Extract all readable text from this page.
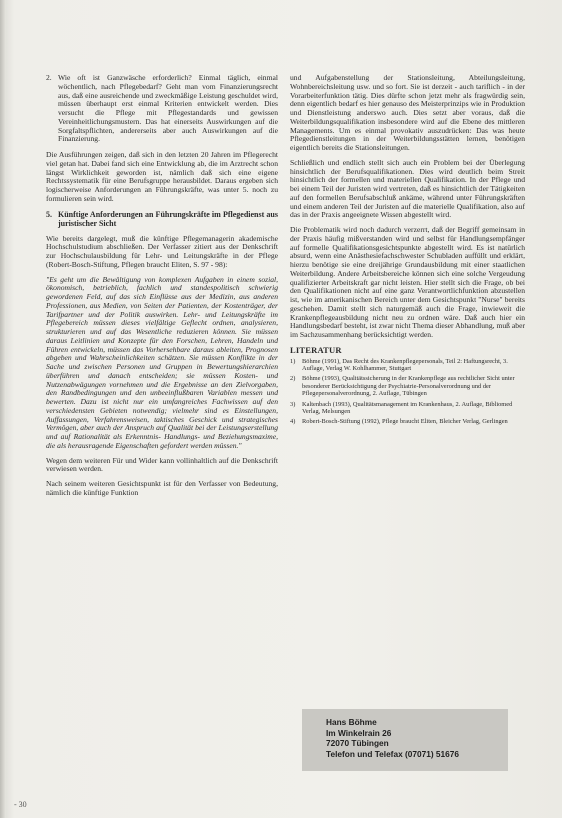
2. Wie oft ist Ganzwäsche erforderlich? Einmal täglich, einmal wöchentlich, nach Pflegebedarf? Geht man vom Finanzierungsrecht aus, daß eine ausreichende und zweckmäßige Leistung geschuldet wird, müssen überhaupt erst einmal Kriterien entwickelt werden. Dies versucht die Pflege mit Pflegestandards und gewissen Vereinheitlichungsmustern. Das hat einerseits Auswirkungen auf die Sorgfaltspflichten, andererseits aber auch Auswirkungen auf die Finanzierung.

Die Ausführungen zeigen, daß sich in den letzten 20 Jahren im Pflegerecht viel getan hat. Dabei fand sich eine Entwicklung ab, die im Arztrecht schon längst Wirklichkeit geworden ist, nämlich daß sich eine eigene Rechtssystematik für eine Berufsgruppe herausbildet. Daraus ergeben sich logischerweise Anforderungen an Führungskräfte, was unter 5. noch zu formulieren sein wird.

5. Künftige Anforderungen an Führungskräfte im Pflegedienst aus juristischer Sicht

Wie bereits dargelegt, muß die künftige Pflegemanagerin akademische Hochschulstudium abschließen. Der Verfasser zitiert aus der Denkschrift zur Hochschulausbildung für Lehr- und Leitungskräfte in der Pflege (Robert-Bosch-Stiftung, Pflegen braucht Eliten, S. 97 - 98):

"Es geht um die Bewältigung von komplexen Aufgaben in einem sozial, ökonomisch, betrieblich, fachlich und standespolitisch schwierig gewordenen Feld, auf das sich Einflüsse aus der Medizin, aus anderen Professionen, aus Medien, von Seiten der Patienten, der Kostenträger, der Tarifpartner und der Politik auswirken. Lehr- und Leitungskräfte im Pflegebereich müssen dieses vielfältige Geflecht ordnen, analysieren, strukturieren und auf das Wesentliche reduzieren können. Sie müssen daraus Leitlinien und Konzepte für den Forschen, Lehren, Handeln und Führen entwickeln, müssen das Vorhersehbare daraus ableiten, Prognosen abgeben und Wahrscheinlichkeiten schätzen. Sie müssen Konflikte in der Sache und zwischen Personen und Gruppen in Bewertungshierarchien überführen und danach entscheiden; sie müssen Kosten- und Nutzenabwägungen vornehmen und die Ergebnisse an den Zielvorgaben, den Randbedingungen und den unbeeinflußbaren Variablen messen und bewerten. Dazu ist nicht nur ein umfangreiches Fachwissen auf den verschiedensten Gebieten notwendig; vielmehr sind es Einstellungen, Auffassungen, Verfahrensweisen, taktisches Geschick und strategisches Vermögen, aber auch der Anspruch auf Qualität bei der Leistungserstellung und auf Rationalität als Erkenntnis- Handlungs- und Beziehungsmaxime, die als herausragende Eigenschaften gefordert werden müssen."

Wegen dem weiteren Für und Wider kann vollinhaltlich auf die Denkschrift verwiesen werden.

Nach seinem weiteren Gesichtspunkt ist für den Verfasser von Bedeutung, nämlich die künftige Funktion

und Aufgabenstellung der Stationsleitung, Abteilungsleitung, Wohnbereichsleitung usw. und so fort. Sie ist derzeit - auch tariflich - in der Vorarbeiterfunktion tätig. Dies dürfte schon jetzt mehr als fragwürdig sein, denn eigentlich bedarf es hier genauso des Meisterprinzips wie in Produktion und Dienstleistung anderswo auch. Dies setzt aber voraus, daß die Weiterbildungsqualifikation insbesondere wird auf die Ebene des mittleren Managements. Um es einmal provokativ auszudrücken: Das was heute Pflegedienstleitungen in der Weiterbildungsstätten lernen, benötigen eigentlich bereits die Stationsleitungen.

Schließlich und endlich stellt sich auch ein Problem bei der Überlegung hinsichtlich der Berufsqualifikationen. Dies wird deutlich beim Streit hinsichtlich der formellen und materiellen Qualifikation. In der Pflege und bei einem Teil der Juristen wird vertreten, daß es hinsichtlich der Tätigkeiten auf den formellen Berufsabschluß ankäme, während unter Führungskräften und einem anderen Teil der Juristen auf die materielle Qualifikation, also auf das in der Praxis angeeignete Wissen abgestellt wird.

Die Problematik wird noch dadurch verzerrt, daß der Begriff gemeinsam in der Praxis häufig mißverstanden wird und selbst für Handlungsempfänger auf formelle Qualifikationsgesichtspunkte abgestellt wird. Es ist natürlich absurd, wenn eine Anästhesiefachschwester Schubladen auffüllt und erklärt, hierzu benötige sie eine dreijährige Grundausbildung mit einer staatlichen Weiterbildung. Andere Arbeitsbereiche können sich eine solche Vergeudung qualifizierter Arbeitskraft gar nicht leisten. Hier stellt sich die Frage, ob bei den Qualifikationen nicht auf eine ganz Verantwortlichfunktion abzustellen ist, wie im amerikanischen Bereich unter dem Gesichtspunkt "Nurse" bereits geschehen. Damit stellt sich naturgemäß auch die Frage, inwieweit die Krankenpflegeausbildung nicht neu zu ordnen wäre. Daß auch hier ein Handlungsbedarf besteht, ist zwar nicht Thema dieser Abhandlung, muß aber im Sachzusammenhang berücksichtigt werden.

LITERATUR
1)	Böhme (1991), Das Recht des Krankenpflegepersonals, Teil 2: Haftungsrecht, 3. Auflage, Verlag W. Kohlhammer, Stuttgart
2)	Böhme (1993), Qualitätssicherung in der Krankenpflege aus rechtlicher Sicht unter besonderer Berücksichtigung der Psychiatrie-Personalverordnung und der Pflegepersonalverordnung, 2. Auflage, Tübingen
3)	Kaltenbach (1993), Qualitätsmanagement im Krankenhaus, 2. Auflage, Bibliomed Verlag, Melsungen
4)	Robert-Bosch-Stiftung (1992), Pflege braucht Eliten, Bleicher Verlag, Gerlingen
Hans Böhme
Im Winkelrain 26
72070 Tübingen
Telefon und Telefax (07071) 51676
- 30
